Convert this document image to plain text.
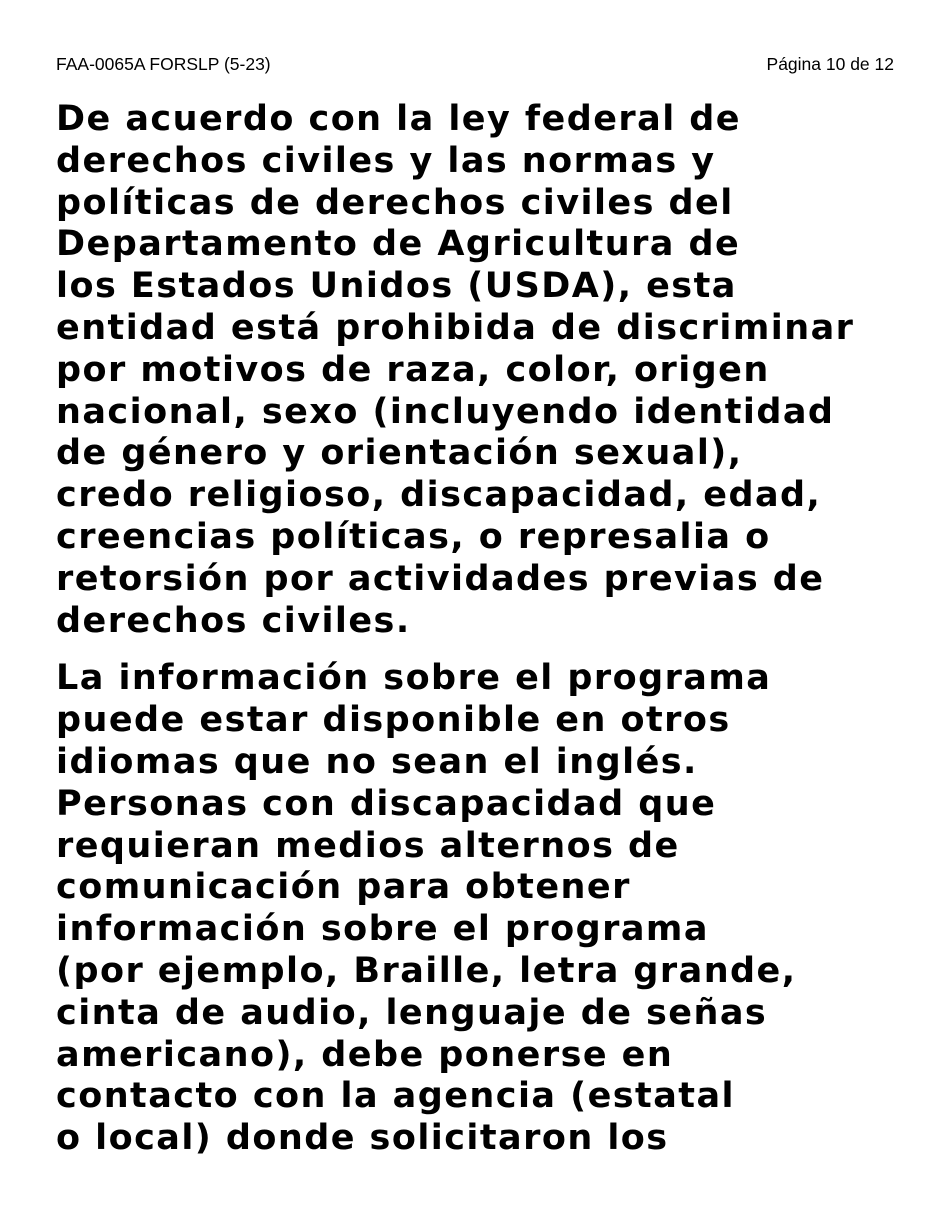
FAA-0065A FORSLP (5-23)	Página 10 de 12

De acuerdo con la ley federal de
derechos civiles y las normas y
políticas de derechos civiles del
Departamento de Agricultura de
los Estados Unidos (USDA), esta
entidad está prohibida de discriminar
por motivos de raza, color, origen
nacional, sexo (incluyendo identidad
de género y orientación sexual),
credo religioso, discapacidad, edad,
creencias políticas, o represalia o
retorsión por actividades previas de
derechos civiles.

La información sobre el programa
puede estar disponible en otros
idiomas que no sean el inglés.
Personas con discapacidad que
requieran medios alternos de
comunicación para obtener
información sobre el programa
(por ejemplo, Braille, letra grande,
cinta de audio, lenguaje de señas
americano), debe ponerse en
contacto con la agencia (estatal
o local) donde solicitaron los
